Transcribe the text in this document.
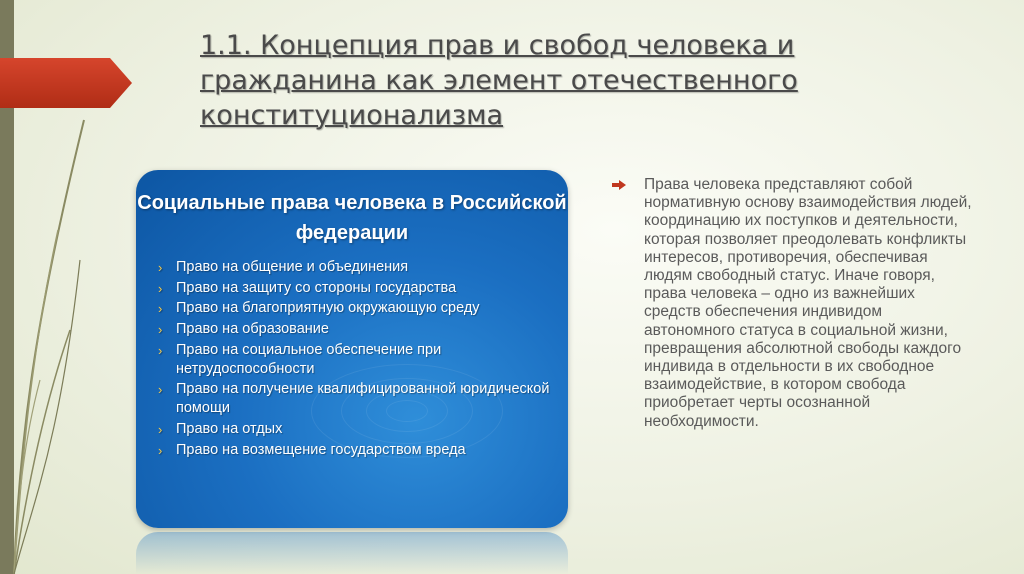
1.1. Концепция прав и свобод человека и гражданина как элемент отечественного конституционализма
Социальные права человека в Российской федерации
› Право на общение и объединения
› Право на защиту со стороны государства
› Право на благоприятную окружающую среду
› Право на образование
› Право на социальное обеспечение при нетрудоспособности
› Право на получение квалифицированной юридической помощи
› Право на отдых
› Право на возмещение государством вреда
Права человека представляют собой нормативную основу взаимодействия людей, координацию их поступков и деятельности, которая позволяет преодолевать конфликты интересов, противоречия, обеспечивая людям свободный статус. Иначе говоря, права человека – одно из важнейших средств обеспечения индивидом автономного статуса в социальной жизни, превращения абсолютной свободы каждого индивида в отдельности в их свободное взаимодействие, в котором свобода приобретает черты осознанной необходимости.
